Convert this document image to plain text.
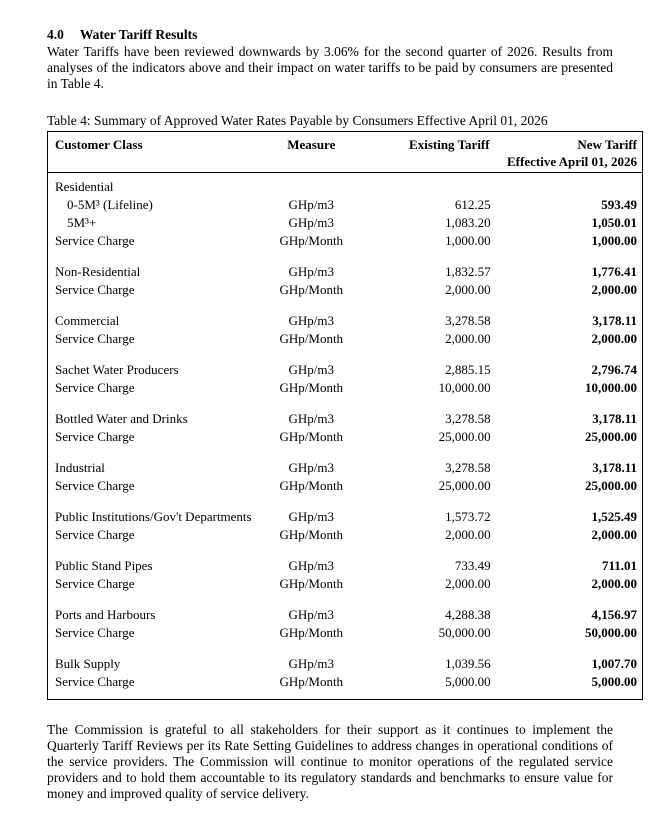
4.0 Water Tariff Results

Water Tariffs have been reviewed downwards by 3.06% for the second quarter of 2026. Results from analyses of the indicators above and their impact on water tariffs to be paid by consumers are presented in Table 4.

Table 4: Summary of Approved Water Rates Payable by Consumers Effective April 01, 2026
Customer Class	Measure	Existing Tariff	New Tariff
Effective April 01, 2026

Residential			
0-5M³ (Lifeline)	GHp/m3	612.25	593.49
5M³+	GHp/m3	1,083.20	1,050.01
Service Charge	GHp/Month	1,000.00	1,000.00

Non-Residential	GHp/m3	1,832.57	1,776.41
Service Charge	GHp/Month	2,000.00	2,000.00

Commercial	GHp/m3	3,278.58	3,178.11
Service Charge	GHp/Month	2,000.00	2,000.00

Sachet Water Producers	GHp/m3	2,885.15	2,796.74
Service Charge	GHp/Month	10,000.00	10,000.00

Bottled Water and Drinks	GHp/m3	3,278.58	3,178.11
Service Charge	GHp/Month	25,000.00	25,000.00

Industrial	GHp/m3	3,278.58	3,178.11
Service Charge	GHp/Month	25,000.00	25,000.00

Public Institutions/Gov't Departments	GHp/m3	1,573.72	1,525.49
Service Charge	GHp/Month	2,000.00	2,000.00

Public Stand Pipes	GHp/m3	733.49	711.01
Service Charge	GHp/Month	2,000.00	2,000.00

Ports and Harbours	GHp/m3	4,288.38	4,156.97
Service Charge	GHp/Month	50,000.00	50,000.00

Bulk Supply	GHp/m3	1,039.56	1,007.70
Service Charge	GHp/Month	5,000.00	5,000.00

The Commission is grateful to all stakeholders for their support as it continues to implement the Quarterly Tariff Reviews per its Rate Setting Guidelines to address changes in operational conditions of the service providers. The Commission will continue to monitor operations of the regulated service providers and to hold them accountable to its regulatory standards and benchmarks to ensure value for money and improved quality of service delivery.
